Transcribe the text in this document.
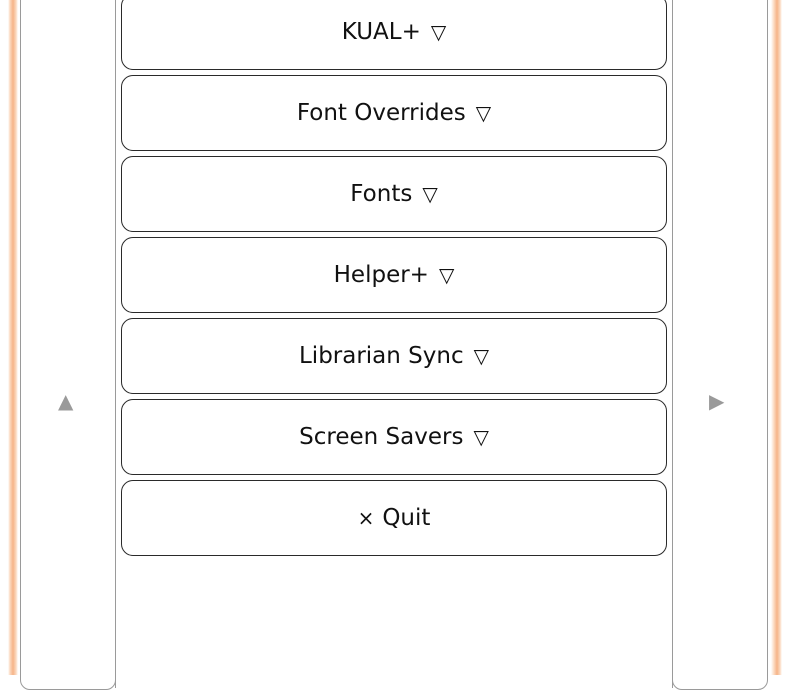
▲	▶
KUAL+ ▽
Font Overrides ▽
Fonts ▽
Helper+ ▽
Librarian Sync ▽
Screen Savers ▽
× Quit
